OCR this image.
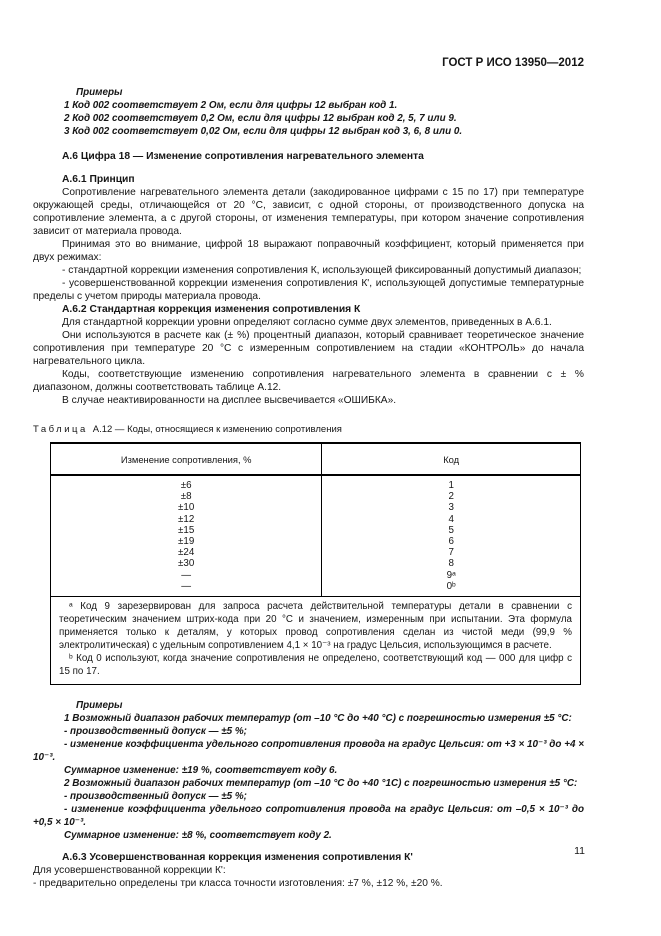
ГОСТ Р ИСО 13950—2012
Примеры
1 Код 002 соответствует 2 Ом, если для цифры 12 выбран код 1.
2 Код 002 соответствует 0,2 Ом, если для цифры 12 выбран код 2, 5, 7 или 9.
3 Код 002 соответствует 0,02 Ом, если для цифры 12 выбран код 3, 6, 8 или 0.
А.6 Цифра 18 — Изменение сопротивления нагревательного элемента
А.6.1 Принцип

Сопротивление нагревательного элемента детали (закодированное цифрами с 15 по 17) при температуре окружающей среды, отличающейся от 20 °С, зависит, с одной стороны, от производственного допуска на сопротивление элемента, а с другой стороны, от изменения температуры, при котором значение сопротивления зависит от материала провода.

Принимая это во внимание, цифрой 18 выражают поправочный коэффициент, который применяется при двух режимах:

- стандартной коррекции изменения сопротивления К, использующей фиксированный допустимый диапазон;

- усовершенствованной коррекции изменения сопротивления К', использующей допустимые температурные пределы с учетом природы материала провода.

А.6.2 Стандартная коррекция изменения сопротивления К

Для стандартной коррекции уровни определяют согласно сумме двух элементов, приведенных в А.6.1.

Они используются в расчете как (± %) процентный диапазон, который сравнивает теоретическое значение сопротивления при температуре 20 °С с измеренным сопротивлением на стадии «КОНТРОЛЬ» до начала нагревательного цикла.

Коды, соответствующие изменению сопротивления нагревательного элемента в сравнении с ± % диапазоном, должны соответствовать таблице А.12.

В случае неактивированности на дисплее высвечивается «ОШИБКА».

Таблица А.12 — Коды, относящиеся к изменению сопротивления
Изменение сопротивления, %	Код
±6	1
±8	2
±10	3
±12	4
±15	5
±19	6
±24	7
±30	8
—	9ᵃ
—	0ᵇ

ᵃ Код 9 зарезервирован для запроса расчета действительной температуры детали в сравнении с теоретическим значением штрих-кода при 20 °С и значением, измеренным при испытании. Эта формула применяется только к деталям, у которых провод сопротивления сделан из чистой меди (99,9 % электролитическая) с удельным сопротивлением 4,1 × 10⁻³ на градус Цельсия, использующимся в расчете.

ᵇ Код 0 используют, когда значение сопротивления не определено, соответствующий код — 000 для цифр с 15 по 17.	

Примеры
1 Возможный диапазон рабочих температур (от –10 °С до +40 °С) с погрешностью измерения ±5 °С:
- производственный допуск — ±5 %;
- изменение коэффициента удельного сопротивления провода на градус Цельсия: от +3 × 10⁻³ до +4 × 10⁻³.
Суммарное изменение: ±19 %, соответствует коду 6.
2 Возможный диапазон рабочих температур (от –10 °С до +40 °1С) с погрешностью измерения ±5 °С:
- производственный допуск — ±5 %;
- изменение коэффициента удельного сопротивления провода на градус Цельсия: от –0,5 × 10⁻³ до +0,5 × 10⁻³.
Суммарное изменение: ±8 %, соответствует коду 2.
А.6.3 Усовершенствованная коррекция изменения сопротивления К'

Для усовершенствованной коррекции К':

- предварительно определены три класса точности изготовления: ±7 %, ±12 %, ±20 %.

11
